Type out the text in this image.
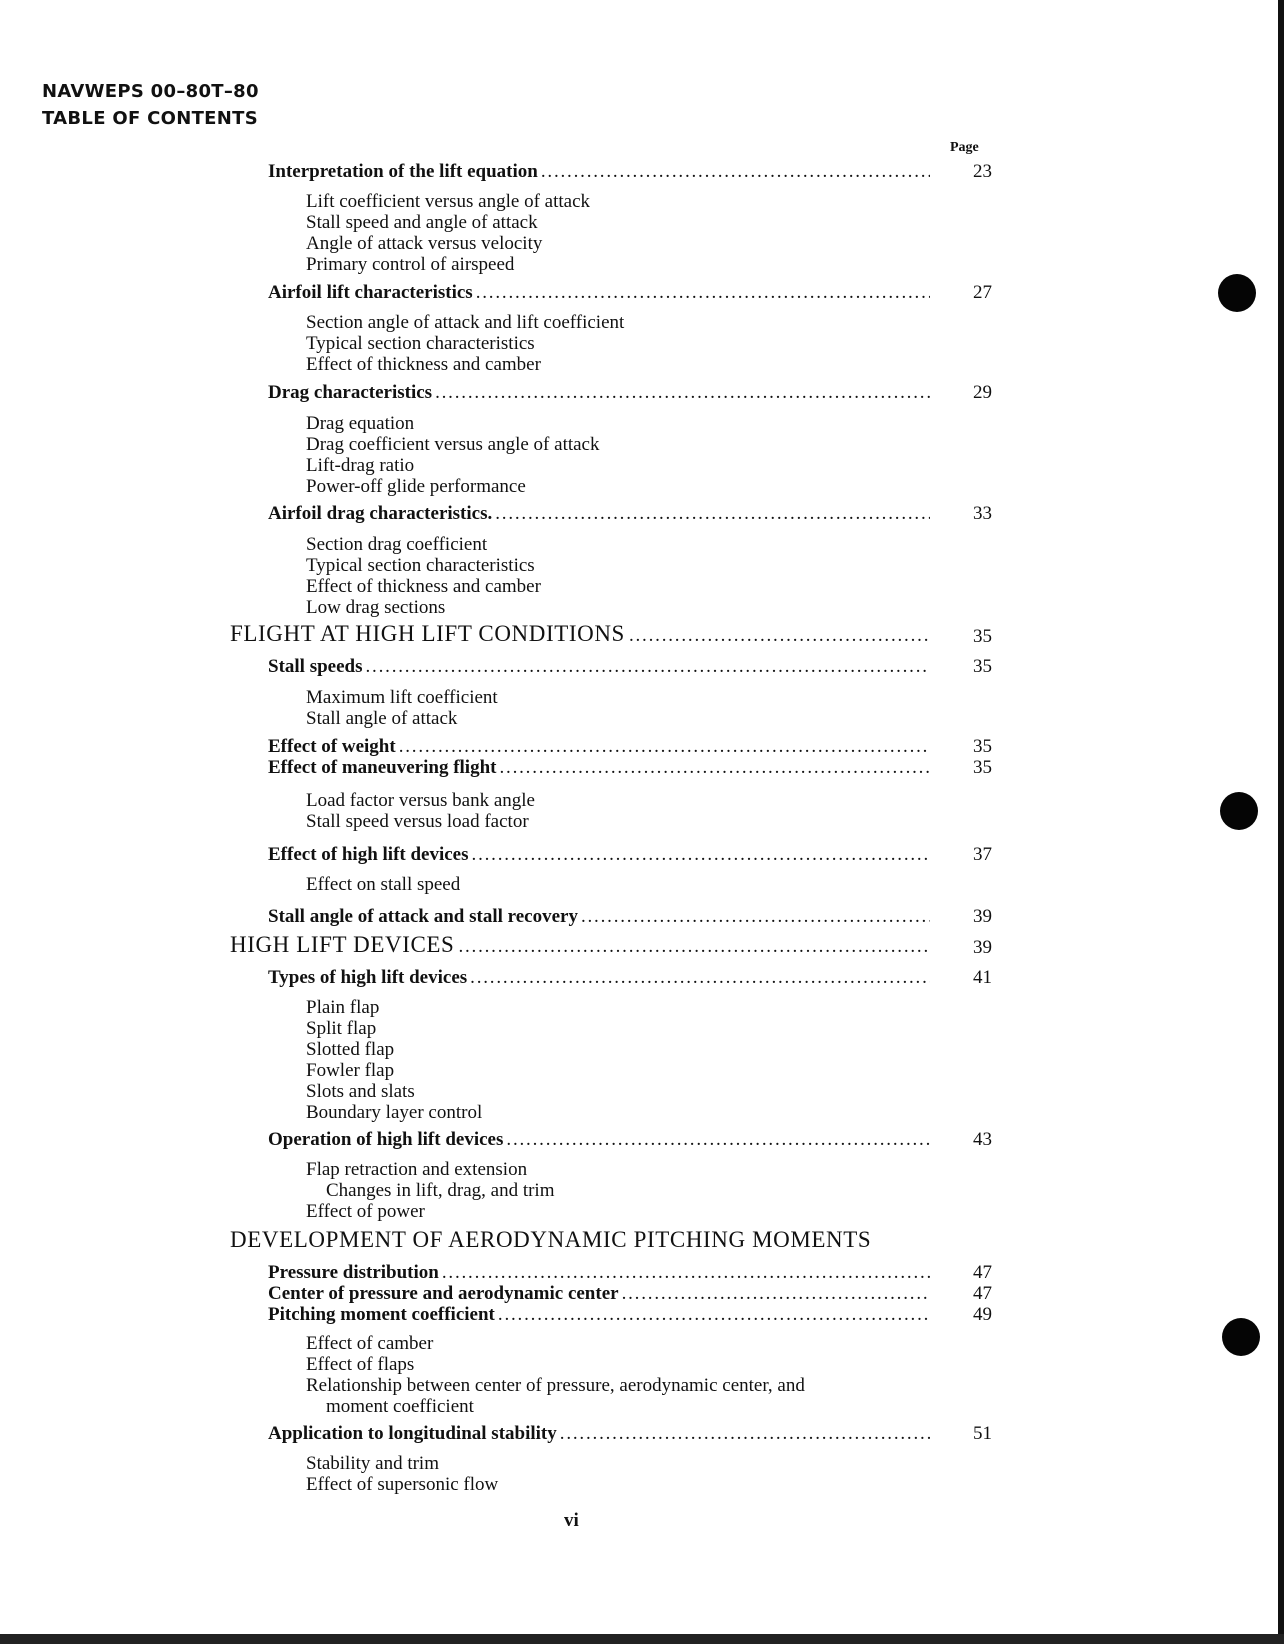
NAVWEPS 00–80T–80
TABLE OF CONTENTS
Page
Interpretation of the lift equation .....	23
Lift coefficient versus angle of attack
Stall speed and angle of attack
Angle of attack versus velocity
Primary control of airspeed
Airfoil lift characteristics .....	27
Section angle of attack and lift coefficient
Typical section characteristics
Effect of thickness and camber
Drag characteristics .....	29
Drag equation
Drag coefficient versus angle of attack
Lift-drag ratio
Power-off glide performance
Airfoil drag characteristics. .....	33
Section drag coefficient
Typical section characteristics
Effect of thickness and camber
Low drag sections
FLIGHT AT HIGH LIFT CONDITIONS .....	35
Stall speeds .....	35
Maximum lift coefficient
Stall angle of attack
Effect of weight .....	35
Effect of maneuvering flight .....	35
Load factor versus bank angle
Stall speed versus load factor
Effect of high lift devices .....	37
Effect on stall speed
Stall angle of attack and stall recovery .....	39
HIGH LIFT DEVICES .....	39
Types of high lift devices .....	41
Plain flap
Split flap
Slotted flap
Fowler flap
Slots and slats
Boundary layer control
Operation of high lift devices .....	43
Flap retraction and extension
Changes in lift, drag, and trim
Effect of power
DEVELOPMENT OF AERODYNAMIC PITCHING MOMENTS
Pressure distribution .....	47
Center of pressure and aerodynamic center .....	47
Pitching moment coefficient .....	49
Effect of camber
Effect of flaps
Relationship between center of pressure, aerodynamic center, and
moment coefficient
Application to longitudinal stability .....	51
Stability and trim
Effect of supersonic flow
vi
